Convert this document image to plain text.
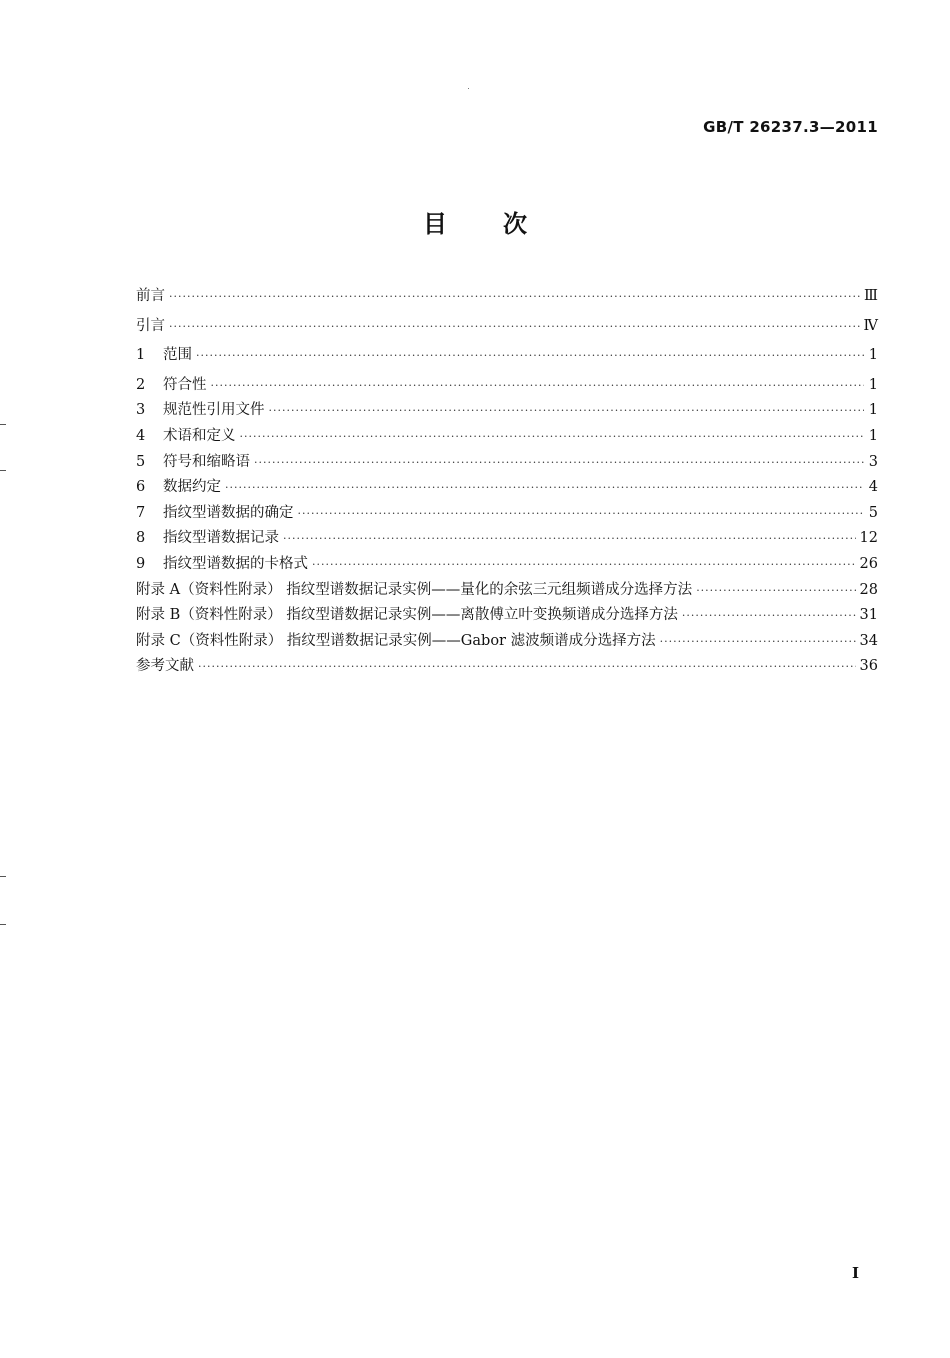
GB/T 26237.3—2011
目次
前言 ·····	Ⅲ
引言 ·····	Ⅳ
1	范围 ·····	1
2	符合性 ·····	1
3	规范性引用文件 ·····	1
4	术语和定义 ·····	1
5	符号和缩略语 ·····	3
6	数据约定 ·····	4
7	指纹型谱数据的确定 ·····	5
8	指纹型谱数据记录 ·····	12
9	指纹型谱数据的卡格式 ·····	26
附录 A（资料性附录） 指纹型谱数据记录实例——量化的余弦三元组频谱成分选择方法 ·····	28
附录 B（资料性附录） 指纹型谱数据记录实例——离散傅立叶变换频谱成分选择方法 ·····	31
附录 C（资料性附录） 指纹型谱数据记录实例——Gabor 滤波频谱成分选择方法 ·····	34
参考文献 ·····	36
I
